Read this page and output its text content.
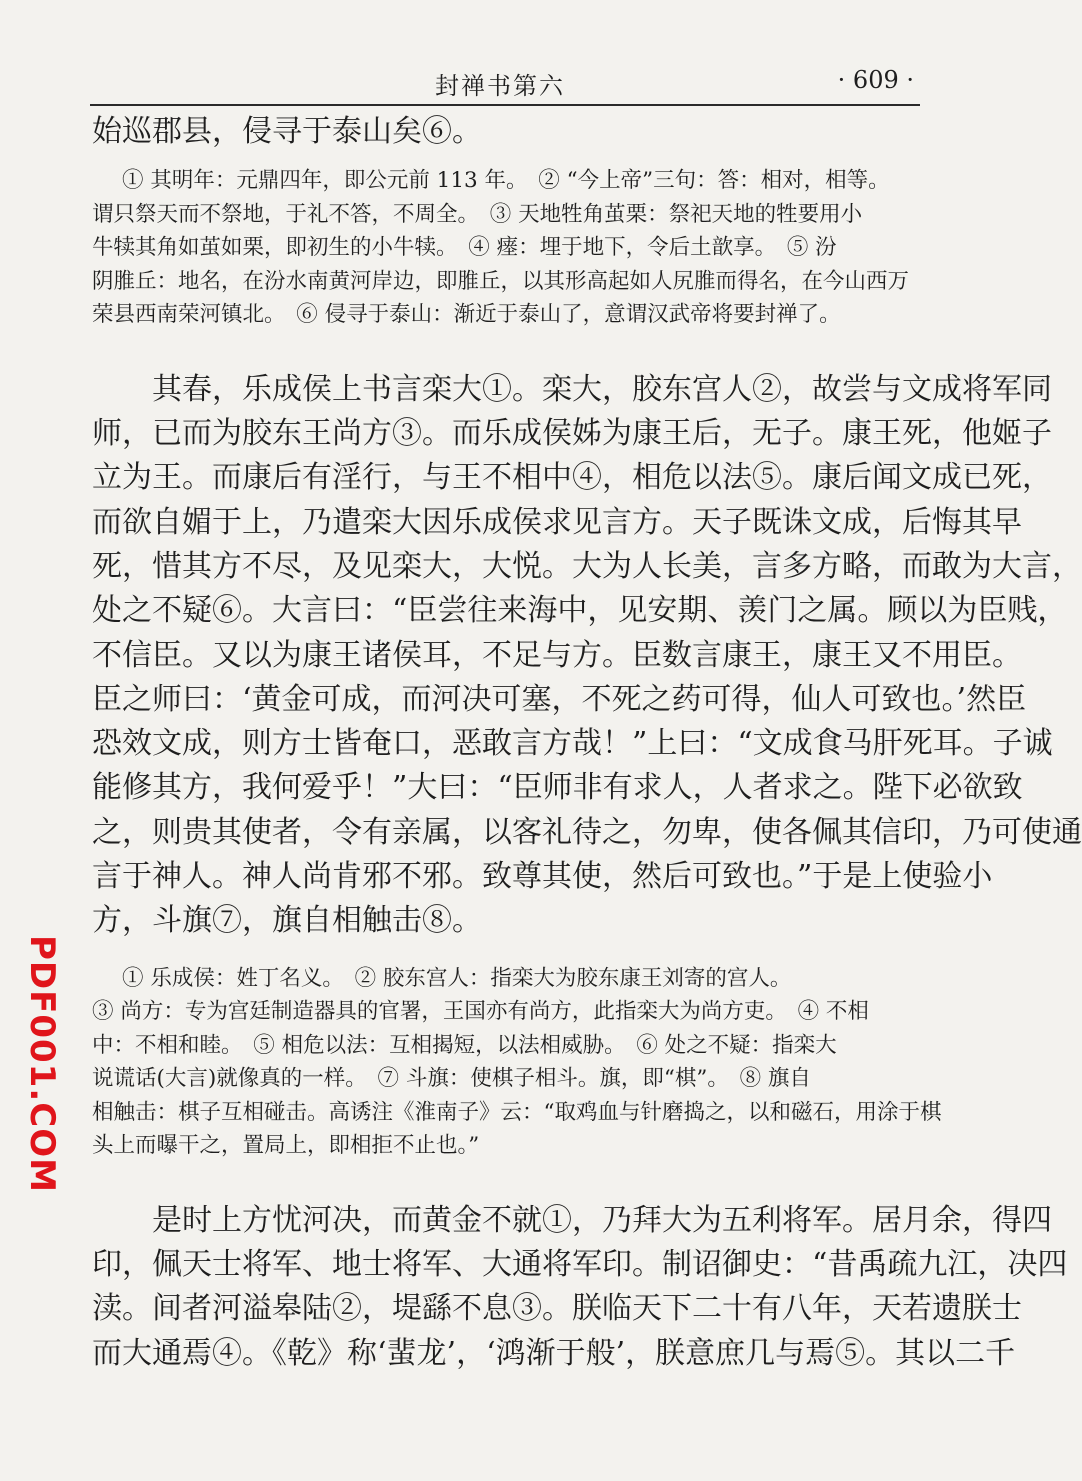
封禅书第六	· 609 ·
始巡郡县，侵寻于泰山矣⑥。
① 其明年：元鼎四年，即公元前 113 年。　② “今上帝”三句：答：相对，相等。
谓只祭天而不祭地，于礼不答，不周全。　③ 天地牲角茧栗：祭祀天地的牲要用小
牛犊其角如茧如栗，即初生的小牛犊。　④ 瘗：埋于地下，令后土歆享。　⑤ 汾
阴脽丘：地名，在汾水南黄河岸边，即脽丘，以其形高起如人尻脽而得名，在今山西万
荣县西南荣河镇北。　⑥ 侵寻于泰山：渐近于泰山了，意谓汉武帝将要封禅了。
其春，乐成侯上书言栾大①。栾大，胶东宫人②，故尝与文成将军同
师，已而为胶东王尚方③。而乐成侯姊为康王后，无子。康王死，他姬子
立为王。而康后有淫行，与王不相中④，相危以法⑤。康后闻文成已死，
而欲自媚于上，乃遣栾大因乐成侯求见言方。天子既诛文成，后悔其早
死，惜其方不尽，及见栾大，大悦。大为人长美，言多方略，而敢为大言，
处之不疑⑥。大言曰：“臣尝往来海中，见安期、羡门之属。顾以为臣贱，
不信臣。又以为康王诸侯耳，不足与方。臣数言康王，康王又不用臣。
臣之师曰：‘黄金可成，而河决可塞，不死之药可得，仙人可致也。’然臣
恐效文成，则方士皆奄口，恶敢言方哉！”上曰：“文成食马肝死耳。子诚
能修其方，我何爱乎！”大曰：“臣师非有求人，人者求之。陛下必欲致
之，则贵其使者，令有亲属，以客礼待之，勿卑，使各佩其信印，乃可使通
言于神人。神人尚肯邪不邪。致尊其使，然后可致也。”于是上使验小
方，斗旗⑦，旗自相触击⑧。
① 乐成侯：姓丁名义。　② 胶东宫人：指栾大为胶东康王刘寄的宫人。
③ 尚方：专为宫廷制造器具的官署，王国亦有尚方，此指栾大为尚方吏。　④ 不相
中：不相和睦。　⑤ 相危以法：互相揭短，以法相威胁。　⑥ 处之不疑：指栾大
说谎话(大言)就像真的一样。　⑦ 斗旗：使棋子相斗。旗，即“棋”。　⑧ 旗自
相触击：棋子互相碰击。高诱注《淮南子》云：“取鸡血与针磨捣之，以和磁石，用涂于棋
头上而曝干之，置局上，即相拒不止也。”
是时上方忧河决，而黄金不就①，乃拜大为五利将军。居月余，得四
印，佩天士将军、地士将军、大通将军印。制诏御史：“昔禹疏九江，决四
渎。间者河溢皋陆②，堤繇不息③。朕临天下二十有八年，天若遗朕士
而大通焉④。《乾》称‘蜚龙’，‘鸿渐于般’，朕意庶几与焉⑤。其以二千
PDF001.COM
